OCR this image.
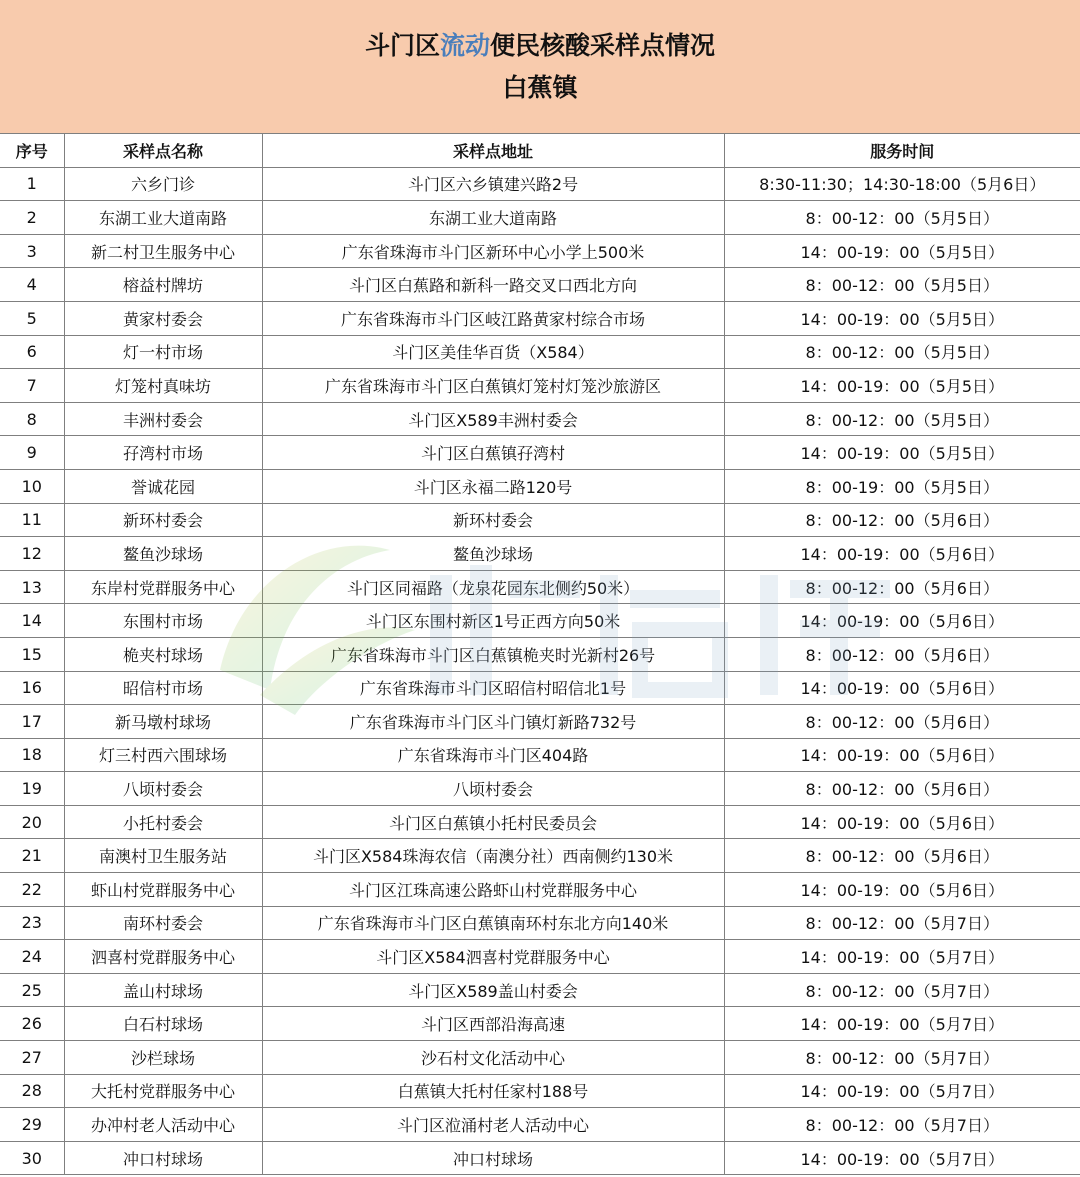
斗门区流动便民核酸采样点情况
白蕉镇
序号	采样点名称	采样点地址	服务时间
1	六乡门诊	斗门区六乡镇建兴路2号	8:30-11:30；14:30-18:00（5月6日）
2	东湖工业大道南路	东湖工业大道南路	8：00-12：00（5月5日）
3	新二村卫生服务中心	广东省珠海市斗门区新环中心小学上500米	14：00-19：00（5月5日）
4	榕益村牌坊	斗门区白蕉路和新科一路交叉口西北方向	8：00-12：00（5月5日）
5	黄家村委会	广东省珠海市斗门区岐江路黄家村综合市场	14：00-19：00（5月5日）
6	灯一村市场	斗门区美佳华百货（X584）	8：00-12：00（5月5日）
7	灯笼村真味坊	广东省珠海市斗门区白蕉镇灯笼村灯笼沙旅游区	14：00-19：00（5月5日）
8	丰洲村委会	斗门区X589丰洲村委会	8：00-12：00（5月5日）
9	孖湾村市场	斗门区白蕉镇孖湾村	14：00-19：00（5月5日）
10	誉诚花园	斗门区永福二路120号	8：00-19：00（5月5日）
11	新环村委会	新环村委会	8：00-12：00（5月6日）
12	鳌鱼沙球场	鳌鱼沙球场	14：00-19：00（5月6日）
13	东岸村党群服务中心	斗门区同福路（龙泉花园东北侧约50米）	8：00-12：00（5月6日）
14	东围村市场	斗门区东围村新区1号正西方向50米	14：00-19：00（5月6日）
15	桅夹村球场	广东省珠海市斗门区白蕉镇桅夹时光新村26号	8：00-12：00（5月6日）
16	昭信村市场	广东省珠海市斗门区昭信村昭信北1号	14：00-19：00（5月6日）
17	新马墩村球场	广东省珠海市斗门区斗门镇灯新路732号	8：00-12：00（5月6日）
18	灯三村西六围球场	广东省珠海市斗门区404路	14：00-19：00（5月6日）
19	八顷村委会	八顷村委会	8：00-12：00（5月6日）
20	小托村委会	斗门区白蕉镇小托村民委员会	14：00-19：00（5月6日）
21	南澳村卫生服务站	斗门区X584珠海农信（南澳分社）西南侧约130米	8：00-12：00（5月6日）
22	虾山村党群服务中心	斗门区江珠高速公路虾山村党群服务中心	14：00-19：00（5月6日）
23	南环村委会	广东省珠海市斗门区白蕉镇南环村东北方向140米	8：00-12：00（5月7日）
24	泗喜村党群服务中心	斗门区X584泗喜村党群服务中心	14：00-19：00（5月7日）
25	盖山村球场	斗门区X589盖山村委会	8：00-12：00（5月7日）
26	白石村球场	斗门区西部沿海高速	14：00-19：00（5月7日）
27	沙栏球场	沙石村文化活动中心	8：00-12：00（5月7日）
28	大托村党群服务中心	白蕉镇大托村任家村188号	14：00-19：00（5月7日）
29	办冲村老人活动中心	斗门区涖涌村老人活动中心	8：00-12：00（5月7日）
30	冲口村球场	冲口村球场	14：00-19：00（5月7日）
